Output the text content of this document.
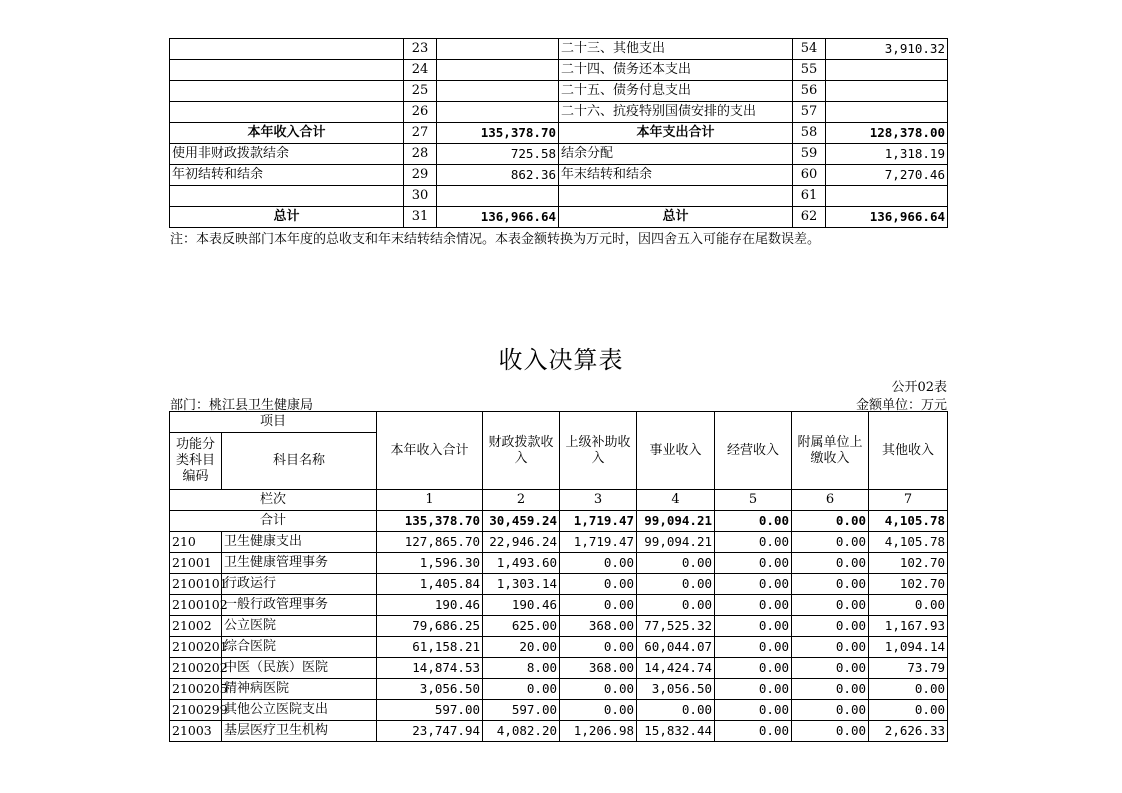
	23		二十三、其他支出	54	3,910.32
	24		二十四、债务还本支出	55	
	25		二十五、债务付息支出	56	
	26		二十六、抗疫特别国债安排的支出	57	
本年收入合计	27	135,378.70	本年支出合计	58	128,378.00
使用非财政拨款结余	28	725.58	结余分配	59	1,318.19
年初结转和结余	29	862.36	年末结转和结余	60	7,270.46
	30			61	
总计	31	136,966.64	总计	62	136,966.64
注：本表反映部门本年度的总收支和年末结转结余情况。本表金额转换为万元时，因四舍五入可能存在尾数误差。
收入决算表
公开02表
部门：桃江县卫生健康局	金额单位：万元
项目		本年收入合计	财政拨款收入	上级补助收入	事业收入	经营收入	附属单位上缴收入	其他收入
功能分类科目编码	科目名称							
栏次		1	2	3	4	5	6	7
合计		135,378.70	30,459.24	1,719.47	99,094.21	0.00	0.00	4,105.78
210	卫生健康支出	127,865.70	22,946.24	1,719.47	99,094.21	0.00	0.00	4,105.78
21001	卫生健康管理事务	1,596.30	1,493.60	0.00	0.00	0.00	0.00	102.70
2100101	行政运行	1,405.84	1,303.14	0.00	0.00	0.00	0.00	102.70
2100102	一般行政管理事务	190.46	190.46	0.00	0.00	0.00	0.00	0.00
21002	公立医院	79,686.25	625.00	368.00	77,525.32	0.00	0.00	1,167.93
2100201	综合医院	61,158.21	20.00	0.00	60,044.07	0.00	0.00	1,094.14
2100202	中医（民族）医院	14,874.53	8.00	368.00	14,424.74	0.00	0.00	73.79
2100205	精神病医院	3,056.50	0.00	0.00	3,056.50	0.00	0.00	0.00
2100299	其他公立医院支出	597.00	597.00	0.00	0.00	0.00	0.00	0.00
21003	基层医疗卫生机构	23,747.94	4,082.20	1,206.98	15,832.44	0.00	0.00	2,626.33
